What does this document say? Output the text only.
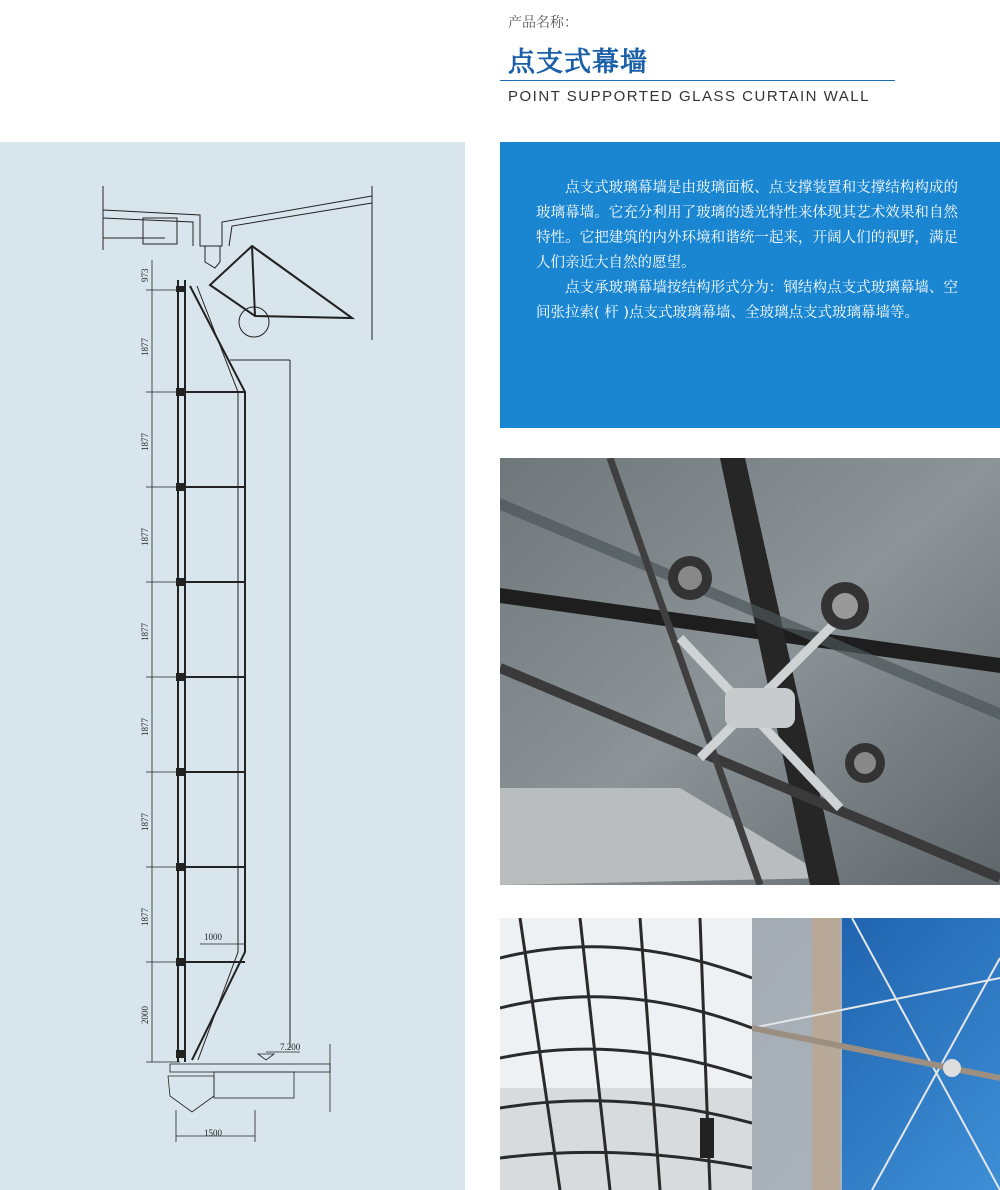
产品名称：
点支式幕墙
POINT SUPPORTED GLASS CURTAIN WALL
973
1877
1877
1877
1877
1877
1877
1877
2000
1000
1500
7.200

点支式玻璃幕墙是由玻璃面板、点支撑装置和支撑结构构成的玻璃幕墙。它充分利用了玻璃的透光特性来体现其艺术效果和自然特性。它把建筑的内外环境和谐统一起来，开阔人们的视野，满足人们亲近大自然的愿望。

点支承玻璃幕墙按结构形式分为：钢结构点支式玻璃幕墙、空间张拉索( 杆 )点支式玻璃幕墙、全玻璃点支式玻璃幕墙等。
